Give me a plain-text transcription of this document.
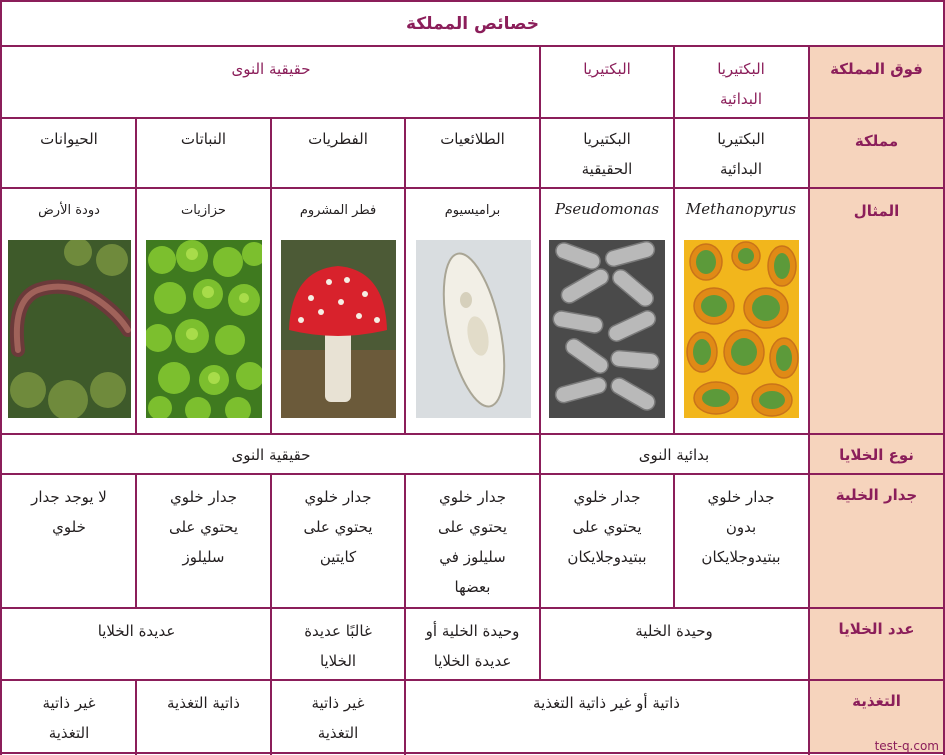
خصائص المملكة
فوق المملكة
مملكة
المثال
نوع الخلايا
جدار الخلية
عدد الخلايا
التغذية
البكتيريا
البدائية
البكتيريا
حقيقية النوى
البكتيريا
البدائية
البكتيريا
الحقيقية
الطلائعيات
الفطريات
النباتات
الحيوانات
Methanopyrus
Pseudomonas
براميسيوم
فطر المشروم
حزازيات
دودة الأرض
بدائية النوى
حقيقية النوى
جدار خلوي
بدون
ببتيدوجلايكان
جدار خلوي
يحتوي على
ببتيدوجلايكان
جدار خلوي
يحتوي على
سليلوز في
بعضها
جدار خلوي
يحتوي على
كايتين
جدار خلوي
يحتوي على
سليلوز
لا يوجد جدار
خلوي
وحيدة الخلية
وحيدة الخلية أو
عديدة الخلايا
غالبًا عديدة
الخلايا
عديدة الخلايا
ذاتية أو غير ذاتية التغذية
غير ذاتية
التغذية
ذاتية التغذية
غير ذاتية
التغذية
test-q.com
